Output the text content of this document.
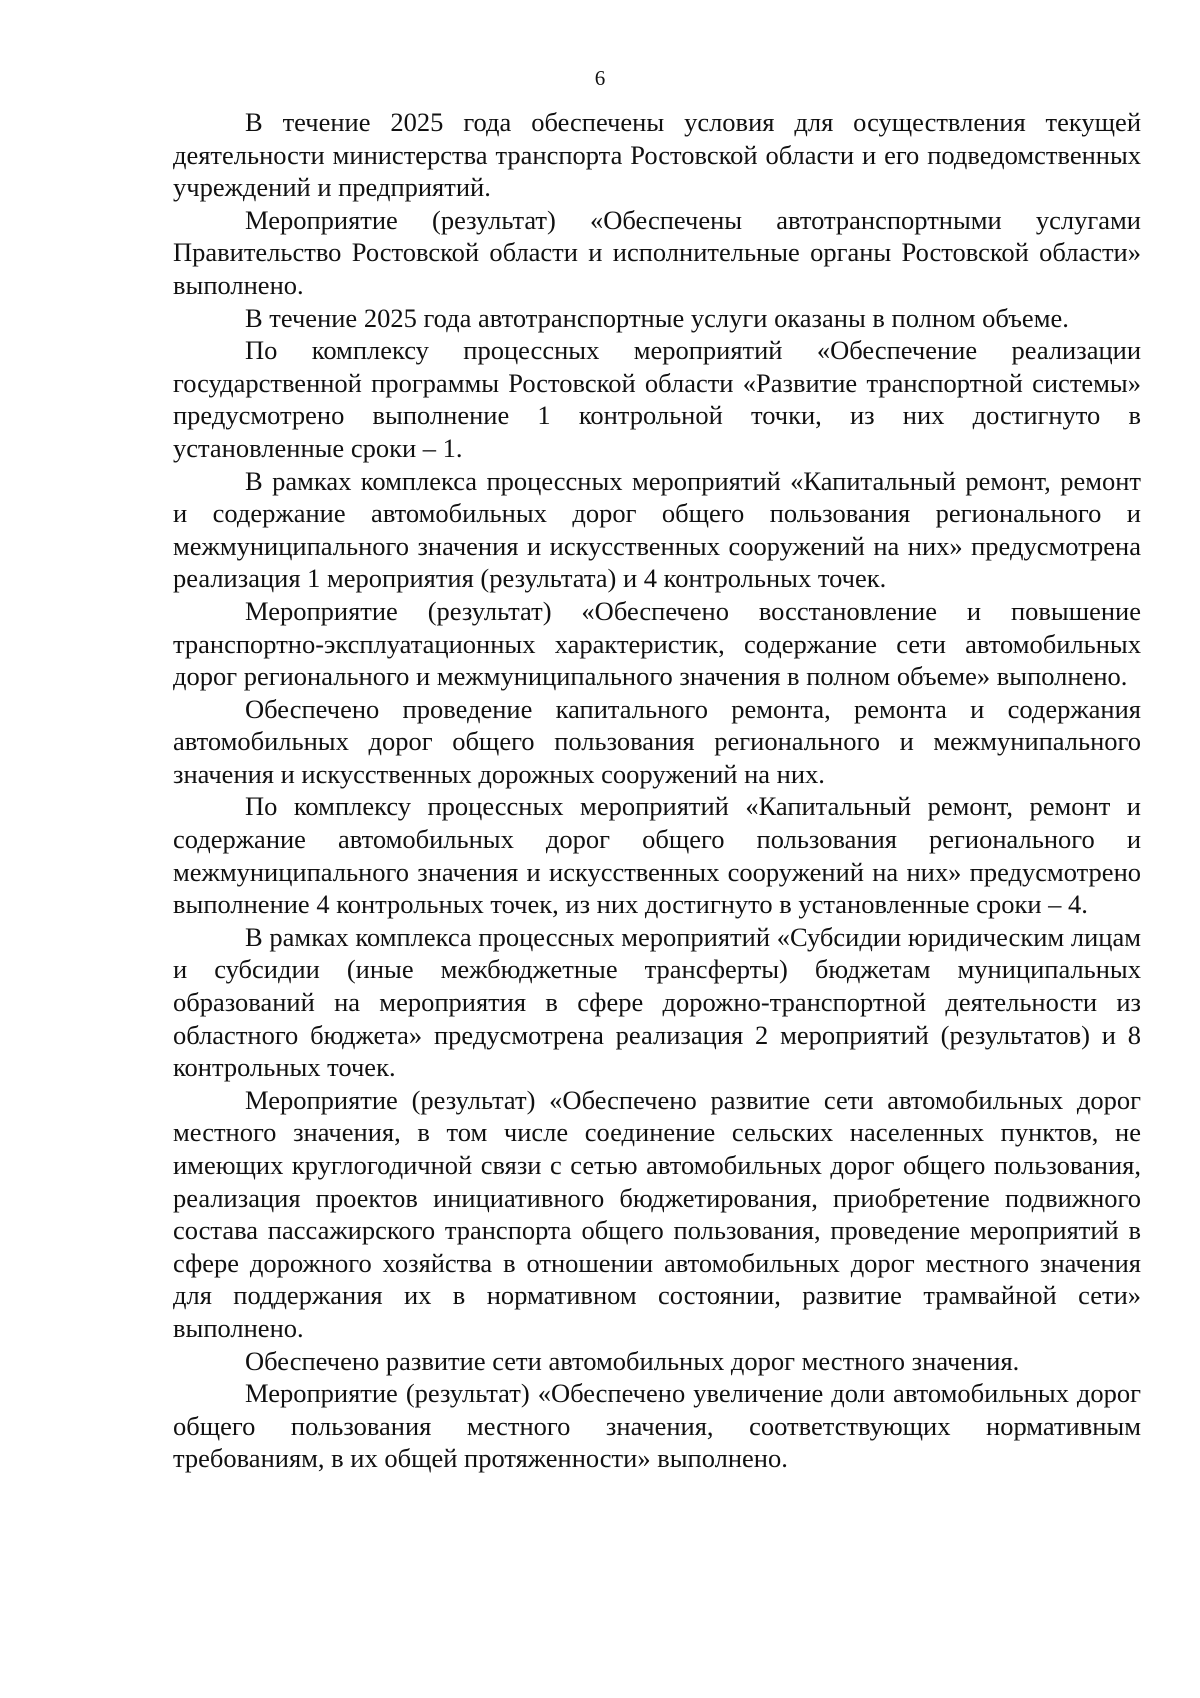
6

В течение 2025 года обеспечены условия для осуществления текущей деятельности министерства транспорта Ростовской области и его подведомственных учреждений и предприятий.

Мероприятие (результат) «Обеспечены автотранспортными услугами Правительство Ростовской области и исполнительные органы Ростовской области» выполнено.

В течение 2025 года автотранспортные услуги оказаны в полном объеме.

По комплексу процессных мероприятий «Обеспечение реализации государственной программы Ростовской области «Развитие транспортной системы» предусмотрено выполнение 1 контрольной точки, из них достигнуто в установленные сроки – 1.

В рамках комплекса процессных мероприятий «Капитальный ремонт, ремонт и содержание автомобильных дорог общего пользования регионального и межмуниципального значения и искусственных сооружений на них» предусмотрена реализация 1 мероприятия (результата) и 4 контрольных точек.

Мероприятие (результат) «Обеспечено восстановление и повышение транспортно-эксплуатационных характеристик, содержание сети автомобильных дорог регионального и межмуниципального значения в полном объеме» выполнено.

Обеспечено проведение капитального ремонта, ремонта и содержания автомобильных дорог общего пользования регионального и межмунипального значения и искусственных дорожных сооружений на них.

По комплексу процессных мероприятий «Капитальный ремонт, ремонт и содержание автомобильных дорог общего пользования регионального и межмуниципального значения и искусственных сооружений на них» предусмотрено выполнение 4 контрольных точек, из них достигнуто в установленные сроки – 4.

В рамках комплекса процессных мероприятий «Субсидии юридическим лицам и субсидии (иные межбюджетные трансферты) бюджетам муниципальных образований на мероприятия в сфере дорожно-транспортной деятельности из областного бюджета» предусмотрена реализация 2 мероприятий (результатов) и 8 контрольных точек.

Мероприятие (результат) «Обеспечено развитие сети автомобильных дорог местного значения, в том числе соединение сельских населенных пунктов, не имеющих круглогодичной связи с сетью автомобильных дорог общего пользования, реализация проектов инициативного бюджетирования, приобретение подвижного состава пассажирского транспорта общего пользования, проведение мероприятий в сфере дорожного хозяйства в отношении автомобильных дорог местного значения для поддержания их в нормативном состоянии, развитие трамвайной сети» выполнено.

Обеспечено развитие сети автомобильных дорог местного значения.

Мероприятие (результат) «Обеспечено увеличение доли автомобильных дорог общего пользования местного значения, соответствующих нормативным требованиям, в их общей протяженности» выполнено.
